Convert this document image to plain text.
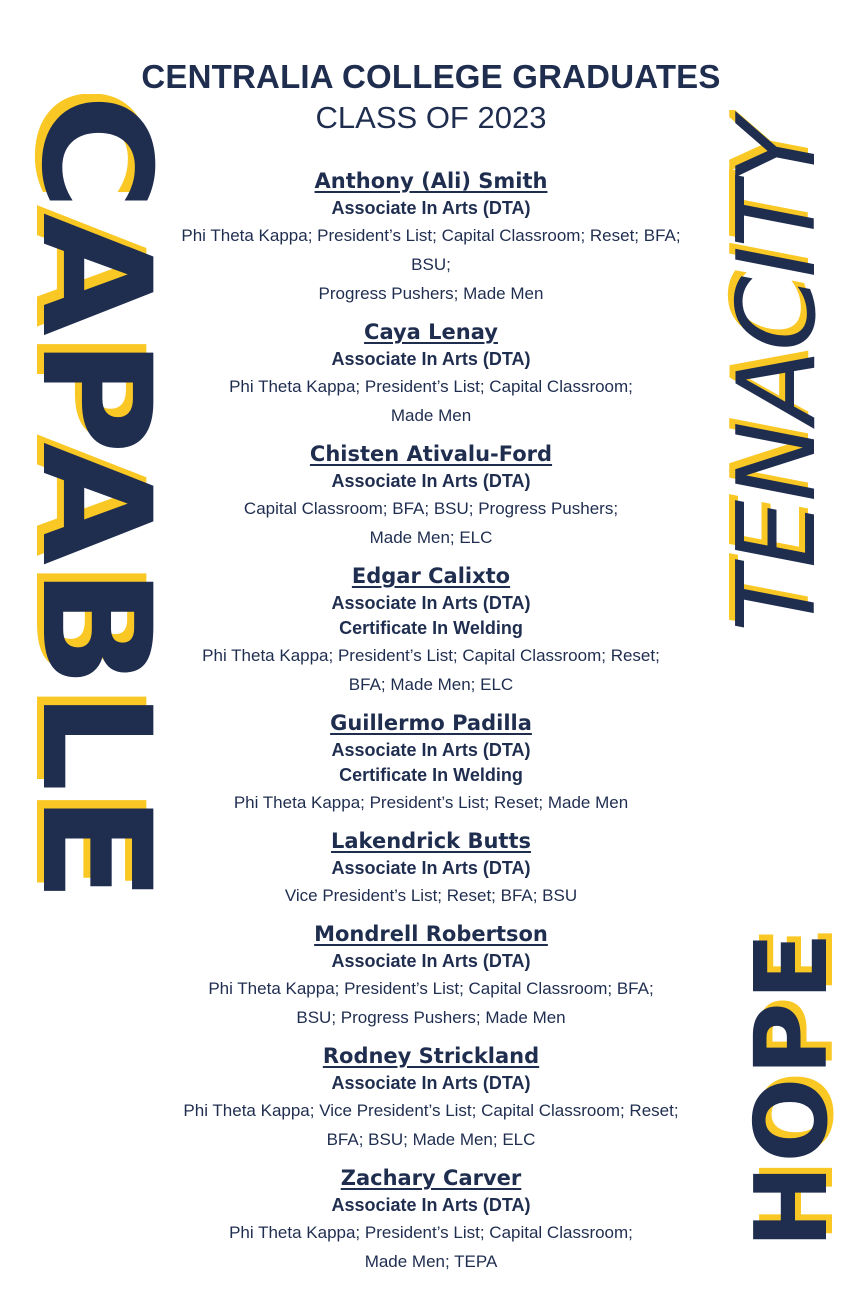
CAPABLE	TENACITY
HOPE
CENTRALIA COLLEGE GRADUATES
CLASS OF 2023
Anthony (Ali) Smith
Associate In Arts (DTA)
Phi Theta Kappa; President’s List; Capital Classroom; Reset; BFA; BSU;
Progress Pushers; Made Men
Caya Lenay
Associate In Arts (DTA)
Phi Theta Kappa; President’s List; Capital Classroom;
Made Men
Chisten Ativalu-Ford
Associate In Arts (DTA)
Capital Classroom; BFA; BSU; Progress Pushers;
Made Men; ELC
Edgar Calixto
Associate In Arts (DTA)
Certificate In Welding
Phi Theta Kappa; President’s List; Capital Classroom; Reset;
BFA; Made Men; ELC
Guillermo Padilla
Associate In Arts (DTA)
Certificate In Welding
Phi Theta Kappa; President’s List; Reset; Made Men
Lakendrick Butts
Associate In Arts (DTA)
Vice President’s List; Reset; BFA; BSU
Mondrell Robertson
Associate In Arts (DTA)
Phi Theta Kappa; President’s List; Capital Classroom; BFA;
BSU; Progress Pushers; Made Men
Rodney Strickland
Associate In Arts (DTA)
Phi Theta Kappa; Vice President’s List; Capital Classroom; Reset;
BFA; BSU; Made Men; ELC
Zachary Carver
Associate In Arts (DTA)
Phi Theta Kappa; President’s List; Capital Classroom;
Made Men; TEPA
